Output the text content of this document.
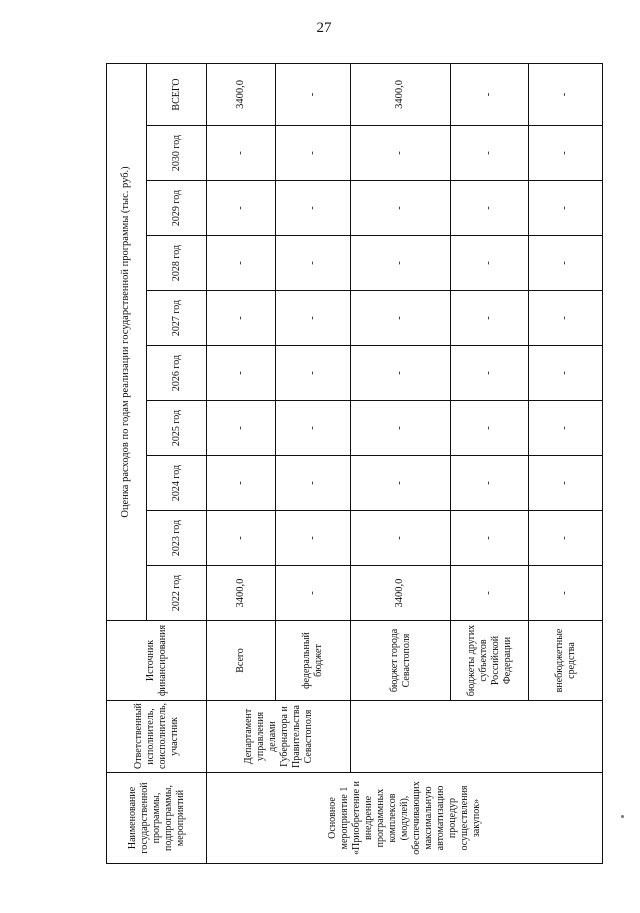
27
Наименование государственной программы, подпрограммы, мероприятий	Ответственный исполнитель, соисполнитель, участник	Источник финансирования	Оценка расходов по годам реализации государственной программы (тыс. руб.)									
			2022 год	2023 год	2024 год	2025 год	2026 год	2027 год	2028 год	2029 год	2030 год	ВСЕГО
Основное мероприятие 1 «Приобретение и внедрение программных комплексов (модулей), обеспечивающих максимальную автоматизацию процедур осуществления закупок»	Департамент управления делами Губернатора и Правительства Севастополя	Всего	3400,0	-	-	-	-	-	-	-	-	3400,0
		федеральный бюджет	-	-	-	-	-	-	-	-	-	-
		бюджет города Севастополя	3400,0	-	-	-	-	-	-	-	-	3400,0
		бюджеты других субъектов Российской Федерации	-	-	-	-	-	-	-	-	-	-
		внебюджетные средства	-	-	-	-	-	-	-	-	-	-
